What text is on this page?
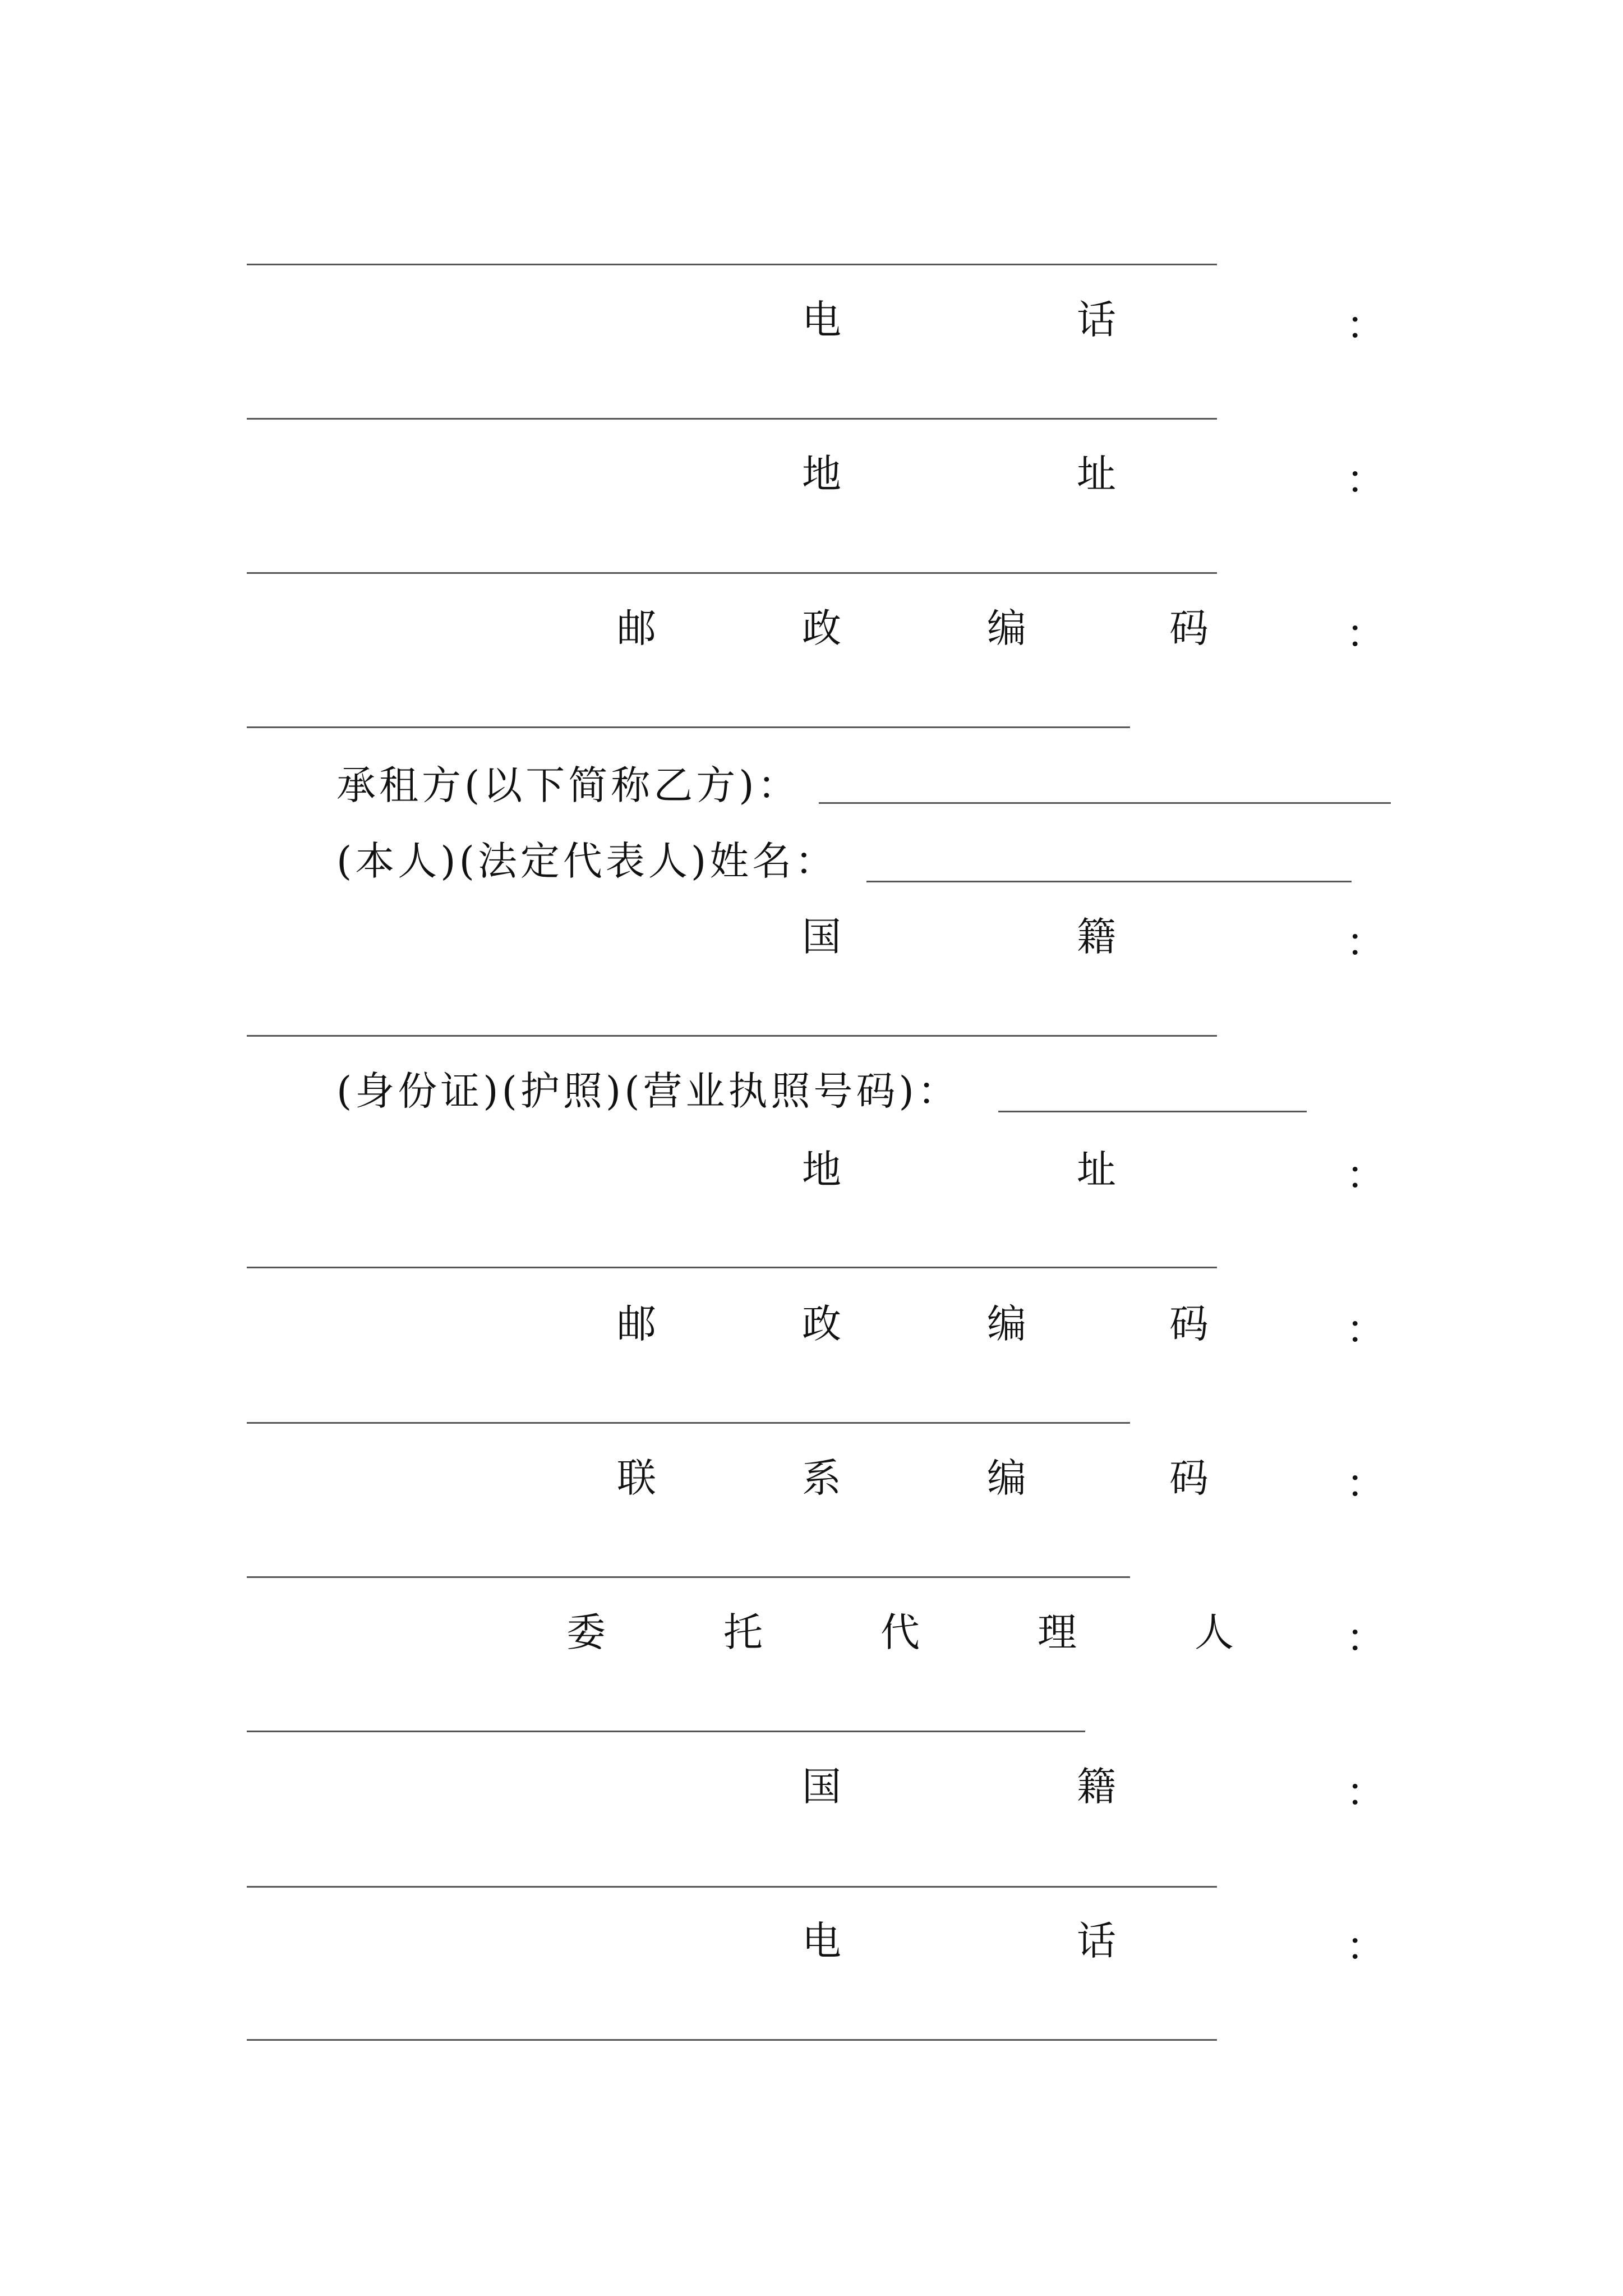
电	话	：
地	址	：
邮	政	编	码	：
承租方(以下简称乙方)：
(本人)(法定代表人)姓名：
国	籍	：
(身份证)(护照)(营业执照号码)：
地	址	：
邮	政	编	码	：
联	系	编	码	：
委	托	代	理	人	：
国	籍	：
电	话	：
